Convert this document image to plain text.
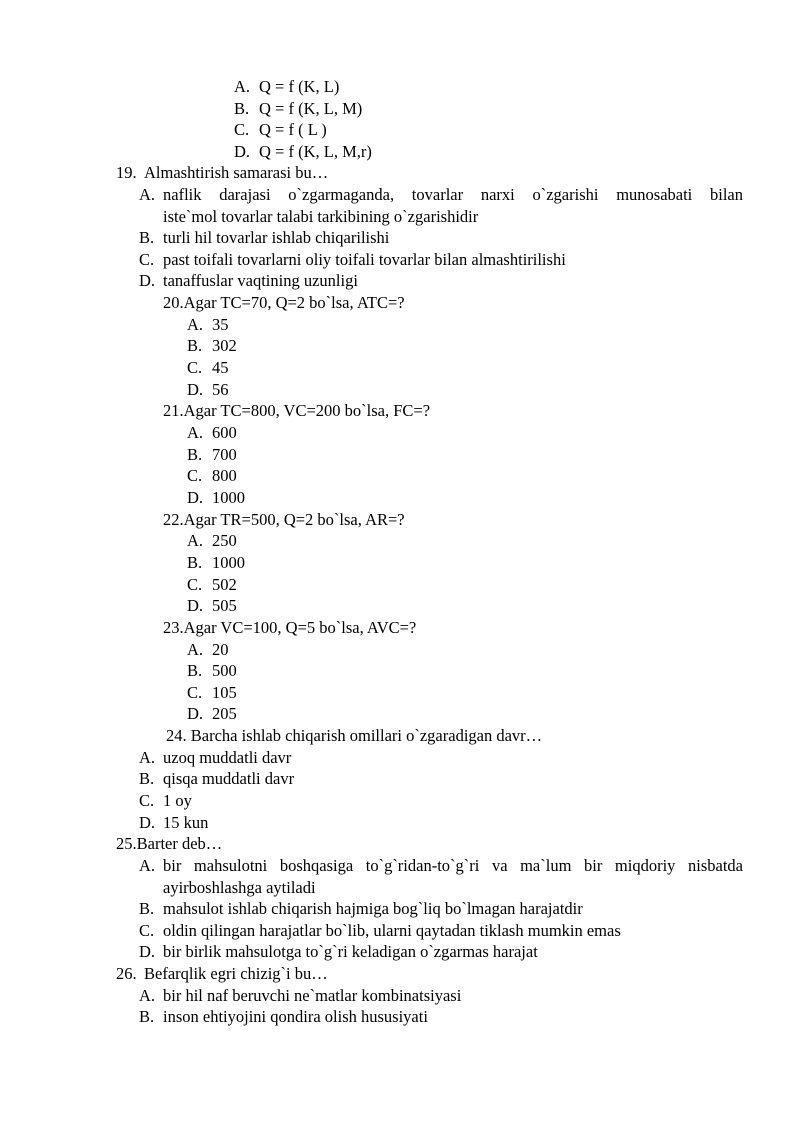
A. Q = f (K, L)
B. Q = f (K, L, M)
C. Q = f ( L )
D. Q = f (K, L, M,r)
19. Almashtirish samarasi bu…
A. naflik darajasi o`zgarmaganda, tovarlar narxi o`zgarishi munosabati bilan
iste`mol tovarlar talabi tarkibining o`zgarishidir
B. turli hil tovarlar ishlab chiqarilishi
C. past toifali tovarlarni oliy toifali tovarlar bilan almashtirilishi
D. tanaffuslar vaqtining uzunligi
20.Agar TC=70, Q=2 bo`lsa, ATC=?
A. 35
B. 302
C. 45
D. 56
21.Agar TC=800, VC=200 bo`lsa, FC=?
A. 600
B. 700
C. 800
D. 1000
22.Agar TR=500, Q=2 bo`lsa, AR=?
A. 250
B. 1000
C. 502
D. 505
23.Agar VC=100, Q=5 bo`lsa, AVC=?
A. 20
B. 500
C. 105
D. 205
24. Barcha ishlab chiqarish omillari o`zgaradigan davr…
A. uzoq muddatli davr
B. qisqa muddatli davr
C. 1 oy
D. 15 kun
25.Barter deb…
A. bir mahsulotni boshqasiga to`g`ridan-to`g`ri va ma`lum bir miqdoriy nisbatda
ayirboshlashga aytiladi
B. mahsulot ishlab chiqarish hajmiga bog`liq bo`lmagan harajatdir
C. oldin qilingan harajatlar bo`lib, ularni qaytadan tiklash mumkin emas
D. bir birlik mahsulotga to`g`ri keladigan o`zgarmas harajat
26. Befarqlik egri chizig`i bu…
A. bir hil naf beruvchi ne`matlar kombinatsiyasi
B. inson ehtiyojini qondira olish hususiyati
